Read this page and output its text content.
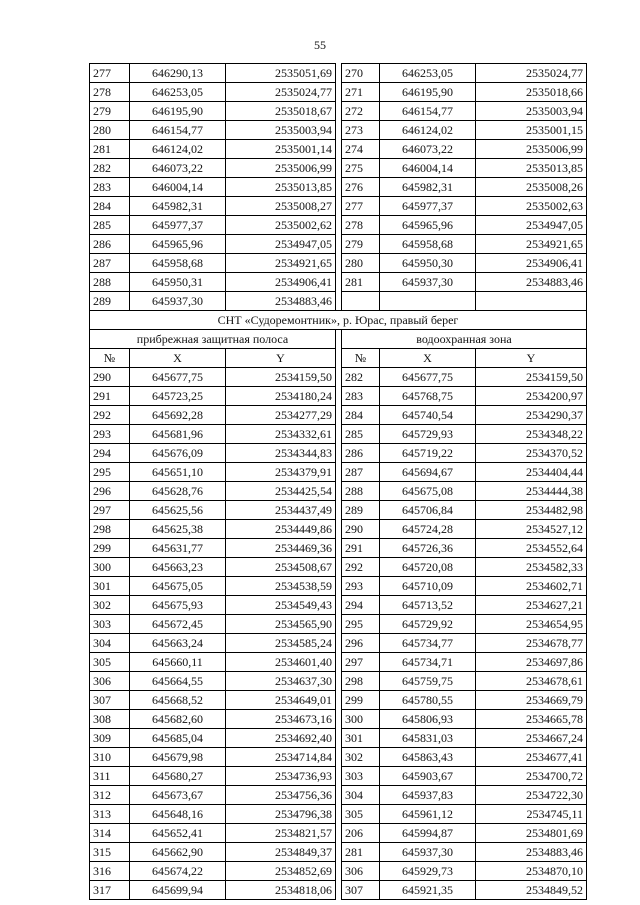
55
277	646290,13	2535051,69		270	646253,05	2535024,77
278	646253,05	2535024,77		271	646195,90	2535018,66
279	646195,90	2535018,67		272	646154,77	2535003,94
280	646154,77	2535003,94		273	646124,02	2535001,15
281	646124,02	2535001,14		274	646073,22	2535006,99
282	646073,22	2535006,99		275	646004,14	2535013,85
283	646004,14	2535013,85		276	645982,31	2535008,26
284	645982,31	2535008,27		277	645977,37	2535002,63
285	645977,37	2535002,62		278	645965,96	2534947,05
286	645965,96	2534947,05		279	645958,68	2534921,65
287	645958,68	2534921,65		280	645950,30	2534906,41
288	645950,31	2534906,41		281	645937,30	2534883,46
289	645937,30	2534883,46				
СНТ «Судоремонтник», р. Юрас, правый берег						
прибрежная защитная полоса				водоохранная зона		
№	X	Y		№	X	Y
290	645677,75	2534159,50		282	645677,75	2534159,50
291	645723,25	2534180,24		283	645768,75	2534200,97
292	645692,28	2534277,29		284	645740,54	2534290,37
293	645681,96	2534332,61		285	645729,93	2534348,22
294	645676,09	2534344,83		286	645719,22	2534370,52
295	645651,10	2534379,91		287	645694,67	2534404,44
296	645628,76	2534425,54		288	645675,08	2534444,38
297	645625,56	2534437,49		289	645706,84	2534482,98
298	645625,38	2534449,86		290	645724,28	2534527,12
299	645631,77	2534469,36		291	645726,36	2534552,64
300	645663,23	2534508,67		292	645720,08	2534582,33
301	645675,05	2534538,59		293	645710,09	2534602,71
302	645675,93	2534549,43		294	645713,52	2534627,21
303	645672,45	2534565,90		295	645729,92	2534654,95
304	645663,24	2534585,24		296	645734,77	2534678,77
305	645660,11	2534601,40		297	645734,71	2534697,86
306	645664,55	2534637,30		298	645759,75	2534678,61
307	645668,52	2534649,01		299	645780,55	2534669,79
308	645682,60	2534673,16		300	645806,93	2534665,78
309	645685,04	2534692,40		301	645831,03	2534667,24
310	645679,98	2534714,84		302	645863,43	2534677,41
311	645680,27	2534736,93		303	645903,67	2534700,72
312	645673,67	2534756,36		304	645937,83	2534722,30
313	645648,16	2534796,38		305	645961,12	2534745,11
314	645652,41	2534821,57		206	645994,87	2534801,69
315	645662,90	2534849,37		281	645937,30	2534883,46
316	645674,22	2534852,69		306	645929,73	2534870,10
317	645699,94	2534818,06		307	645921,35	2534849,52
